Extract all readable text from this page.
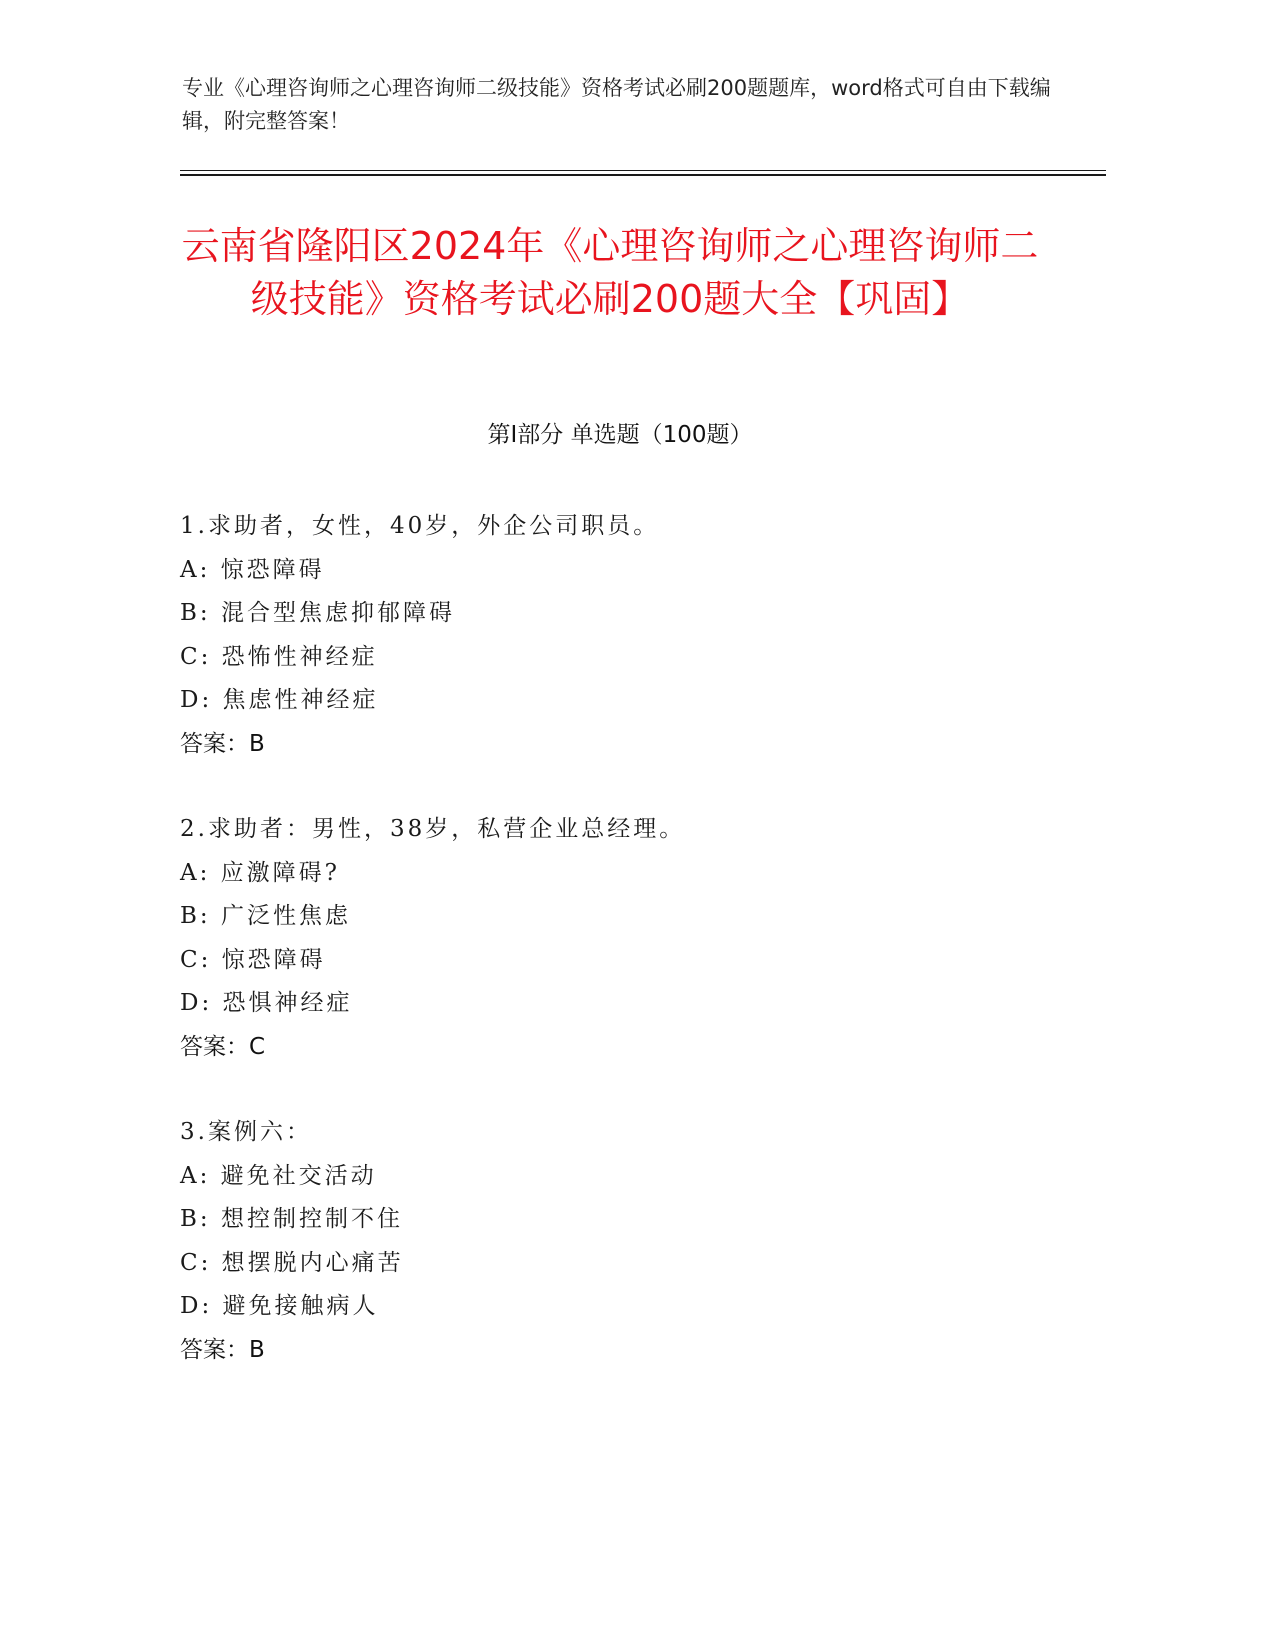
专业《心理咨询师之心理咨询师二级技能》资格考试必刷200题题库，word格式可自由下载编辑，附完整答案！
云南省隆阳区2024年《心理咨询师之心理咨询师二级技能》资格考试必刷200题大全【巩固】
第I部分 单选题（100题）
1.求助者，女性，40岁，外企公司职员。
A: 惊恐障碍
B: 混合型焦虑抑郁障碍
C: 恐怖性神经症
D: 焦虑性神经症
答案：B
2.求助者：男性，38岁，私营企业总经理。
A: 应激障碍?
B: 广泛性焦虑
C: 惊恐障碍
D: 恐惧神经症
答案：C
3.案例六：
A: 避免社交活动
B: 想控制控制不住
C: 想摆脱内心痛苦
D: 避免接触病人
答案：B
